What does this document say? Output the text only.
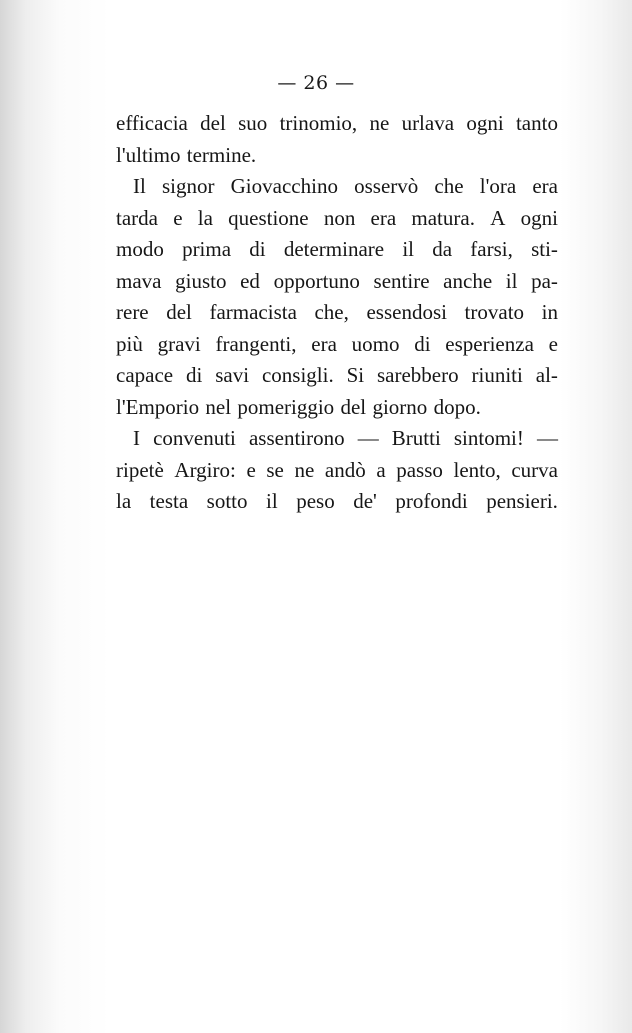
— 26 —
efficacia del suo trinomio, ne urlava ogni tanto
l'ultimo termine.
Il signor Giovacchino osservò che l'ora era
tarda e la questione non era matura. A ogni
modo prima di determinare il da farsi, sti-
mava giusto ed opportuno sentire anche il pa-
rere del farmacista che, essendosi trovato in
più gravi frangenti, era uomo di esperienza e
capace di savi consigli. Si sarebbero riuniti al-
l'Emporio nel pomeriggio del giorno dopo.
I convenuti assentirono — Brutti sintomi! —
ripetè Argiro: e se ne andò a passo lento, curva
la testa sotto il peso de' profondi pensieri.
